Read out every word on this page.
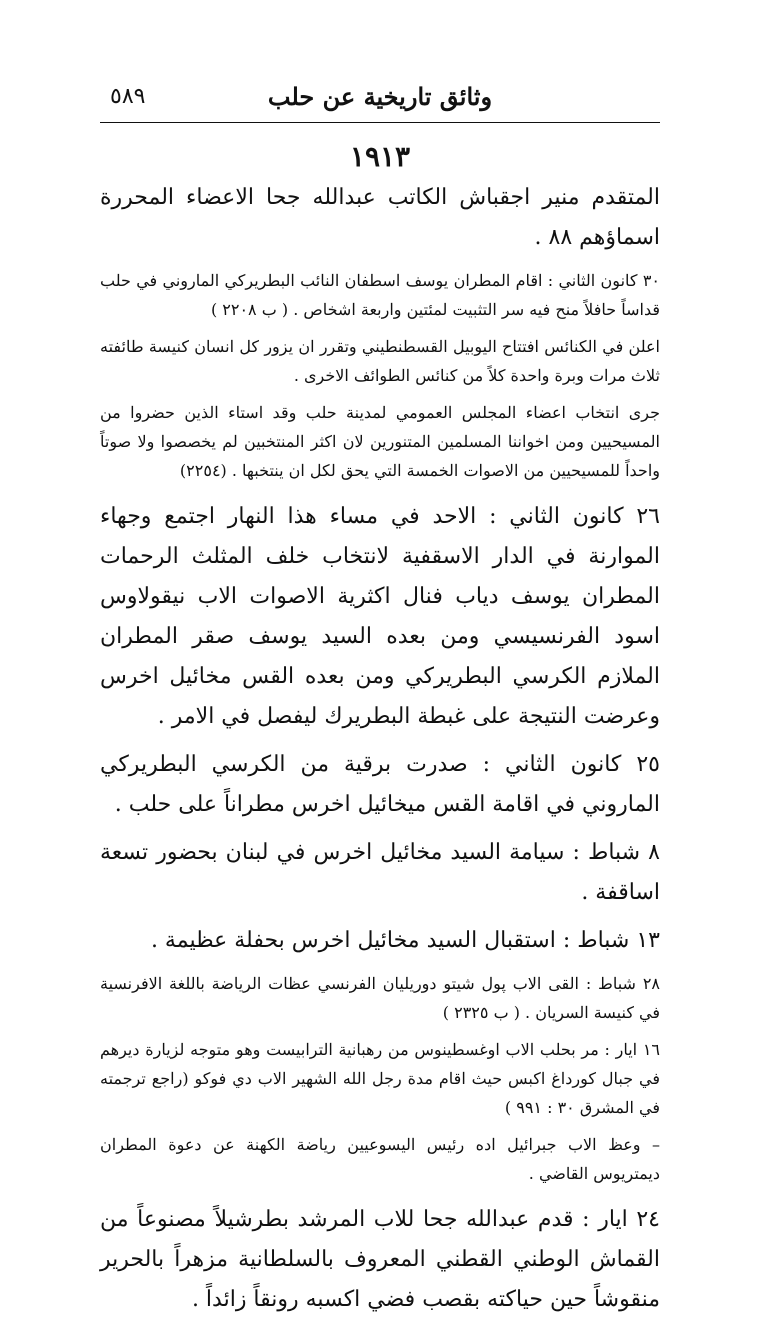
وثائق تاريخية عن حلب
٥٨٩
١٩١٣

المتقدم منير اجقباش الكاتب عبدالله جحا الاعضاء المحررة اسماؤهم ٨٨ .

٣٠ كانون الثاني : اقام المطران يوسف اسطفان النائب البطريركي الماروني في حلب قداساً حافلاً منح فيه سر التثبيت لمئتين واربعة اشخاص . ( ب ٢٢٠٨ )

اعلن في الكنائس افتتاح اليوبيل القسطنطيني وتقرر ان يزور كل انسان كنيسة طائفته ثلاث مرات وبرة واحدة كلاً من كنائس الطوائف الاخرى .

جرى انتخاب اعضاء المجلس العمومي لمدينة حلب وقد استاء الذين حضروا من المسيحيين ومن اخواننا المسلمين المتنورين لان اكثر المنتخبين لم يخصصوا ولا صوتاً واحداً للمسيحيين من الاصوات الخمسة التي يحق لكل ان ينتخبها . (٢٢٥٤)

٢٦ كانون الثاني : الاحد في مساء هذا النهار اجتمع وجهاء الموارنة في الدار الاسقفية لانتخاب خلف المثلث الرحمات المطران يوسف دياب فنال اكثرية الاصوات الاب نيقولاوس اسود الفرنسيسي ومن بعده السيد يوسف صقر المطران الملازم الكرسي البطريركي ومن بعده القس مخائيل اخرس وعرضت النتيجة على غبطة البطريرك ليفصل في الامر .

٢٥ كانون الثاني : صدرت برقية من الكرسي البطريركي الماروني في اقامة القس ميخائيل اخرس مطراناً على حلب .

٨ شباط : سيامة السيد مخائيل اخرس في لبنان بحضور تسعة اساقفة .

١٣ شباط : استقبال السيد مخائيل اخرس بحفلة عظيمة .

٢٨ شباط : القى الاب پول شيتو دوريليان الفرنسي عظات الرياضة باللغة الافرنسية في كنيسة السريان . ( ب ٢٣٢٥ )

١٦ ايار : مر بحلب الاب اوغسطينوس من رهبانية الترابيست وهو متوجه لزيارة ديرهم في جبال كورداغ اكبس حيث اقام مدة رجل الله الشهير الاب دي فوكو (راجع ترجمته في المشرق ٣٠ : ٩٩١ )

– وعظ الاب جبرائيل اده رئيس اليسوعيين رياضة الكهنة عن دعوة المطران ديمتريوس القاضي .

٢٤ ايار : قدم عبدالله جحا للاب المرشد بطرشيلاً مصنوعاً من القماش الوطني القطني المعروف بالسلطانية مزهراً بالحرير منقوشاً حين حياكته بقصب فضي اكسبه رونقاً زائداً .
